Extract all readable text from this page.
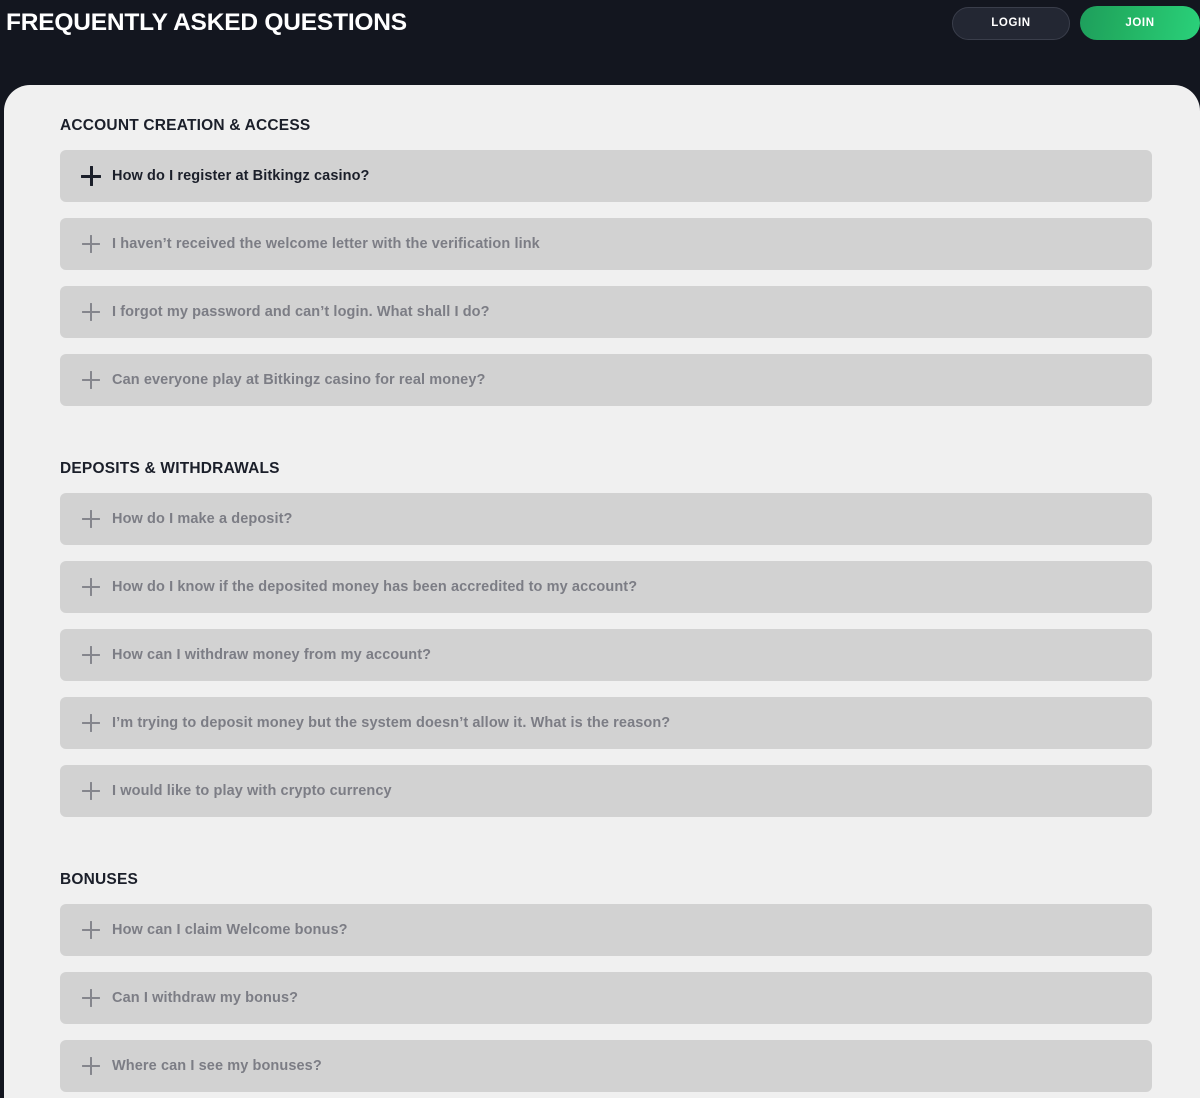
FREQUENTLY ASKED QUESTIONS	LOGIN	JOIN
ACCOUNT CREATION & ACCESS
How do I register at Bitkingz casino?
I haven’t received the welcome letter with the verification link
I forgot my password and can’t login. What shall I do?
Can everyone play at Bitkingz casino for real money?
DEPOSITS & WITHDRAWALS
How do I make a deposit?
How do I know if the deposited money has been accredited to my account?
How can I withdraw money from my account?
I’m trying to deposit money but the system doesn’t allow it. What is the reason?
I would like to play with crypto currency
BONUSES
How can I claim Welcome bonus?
Can I withdraw my bonus?
Where can I see my bonuses?
